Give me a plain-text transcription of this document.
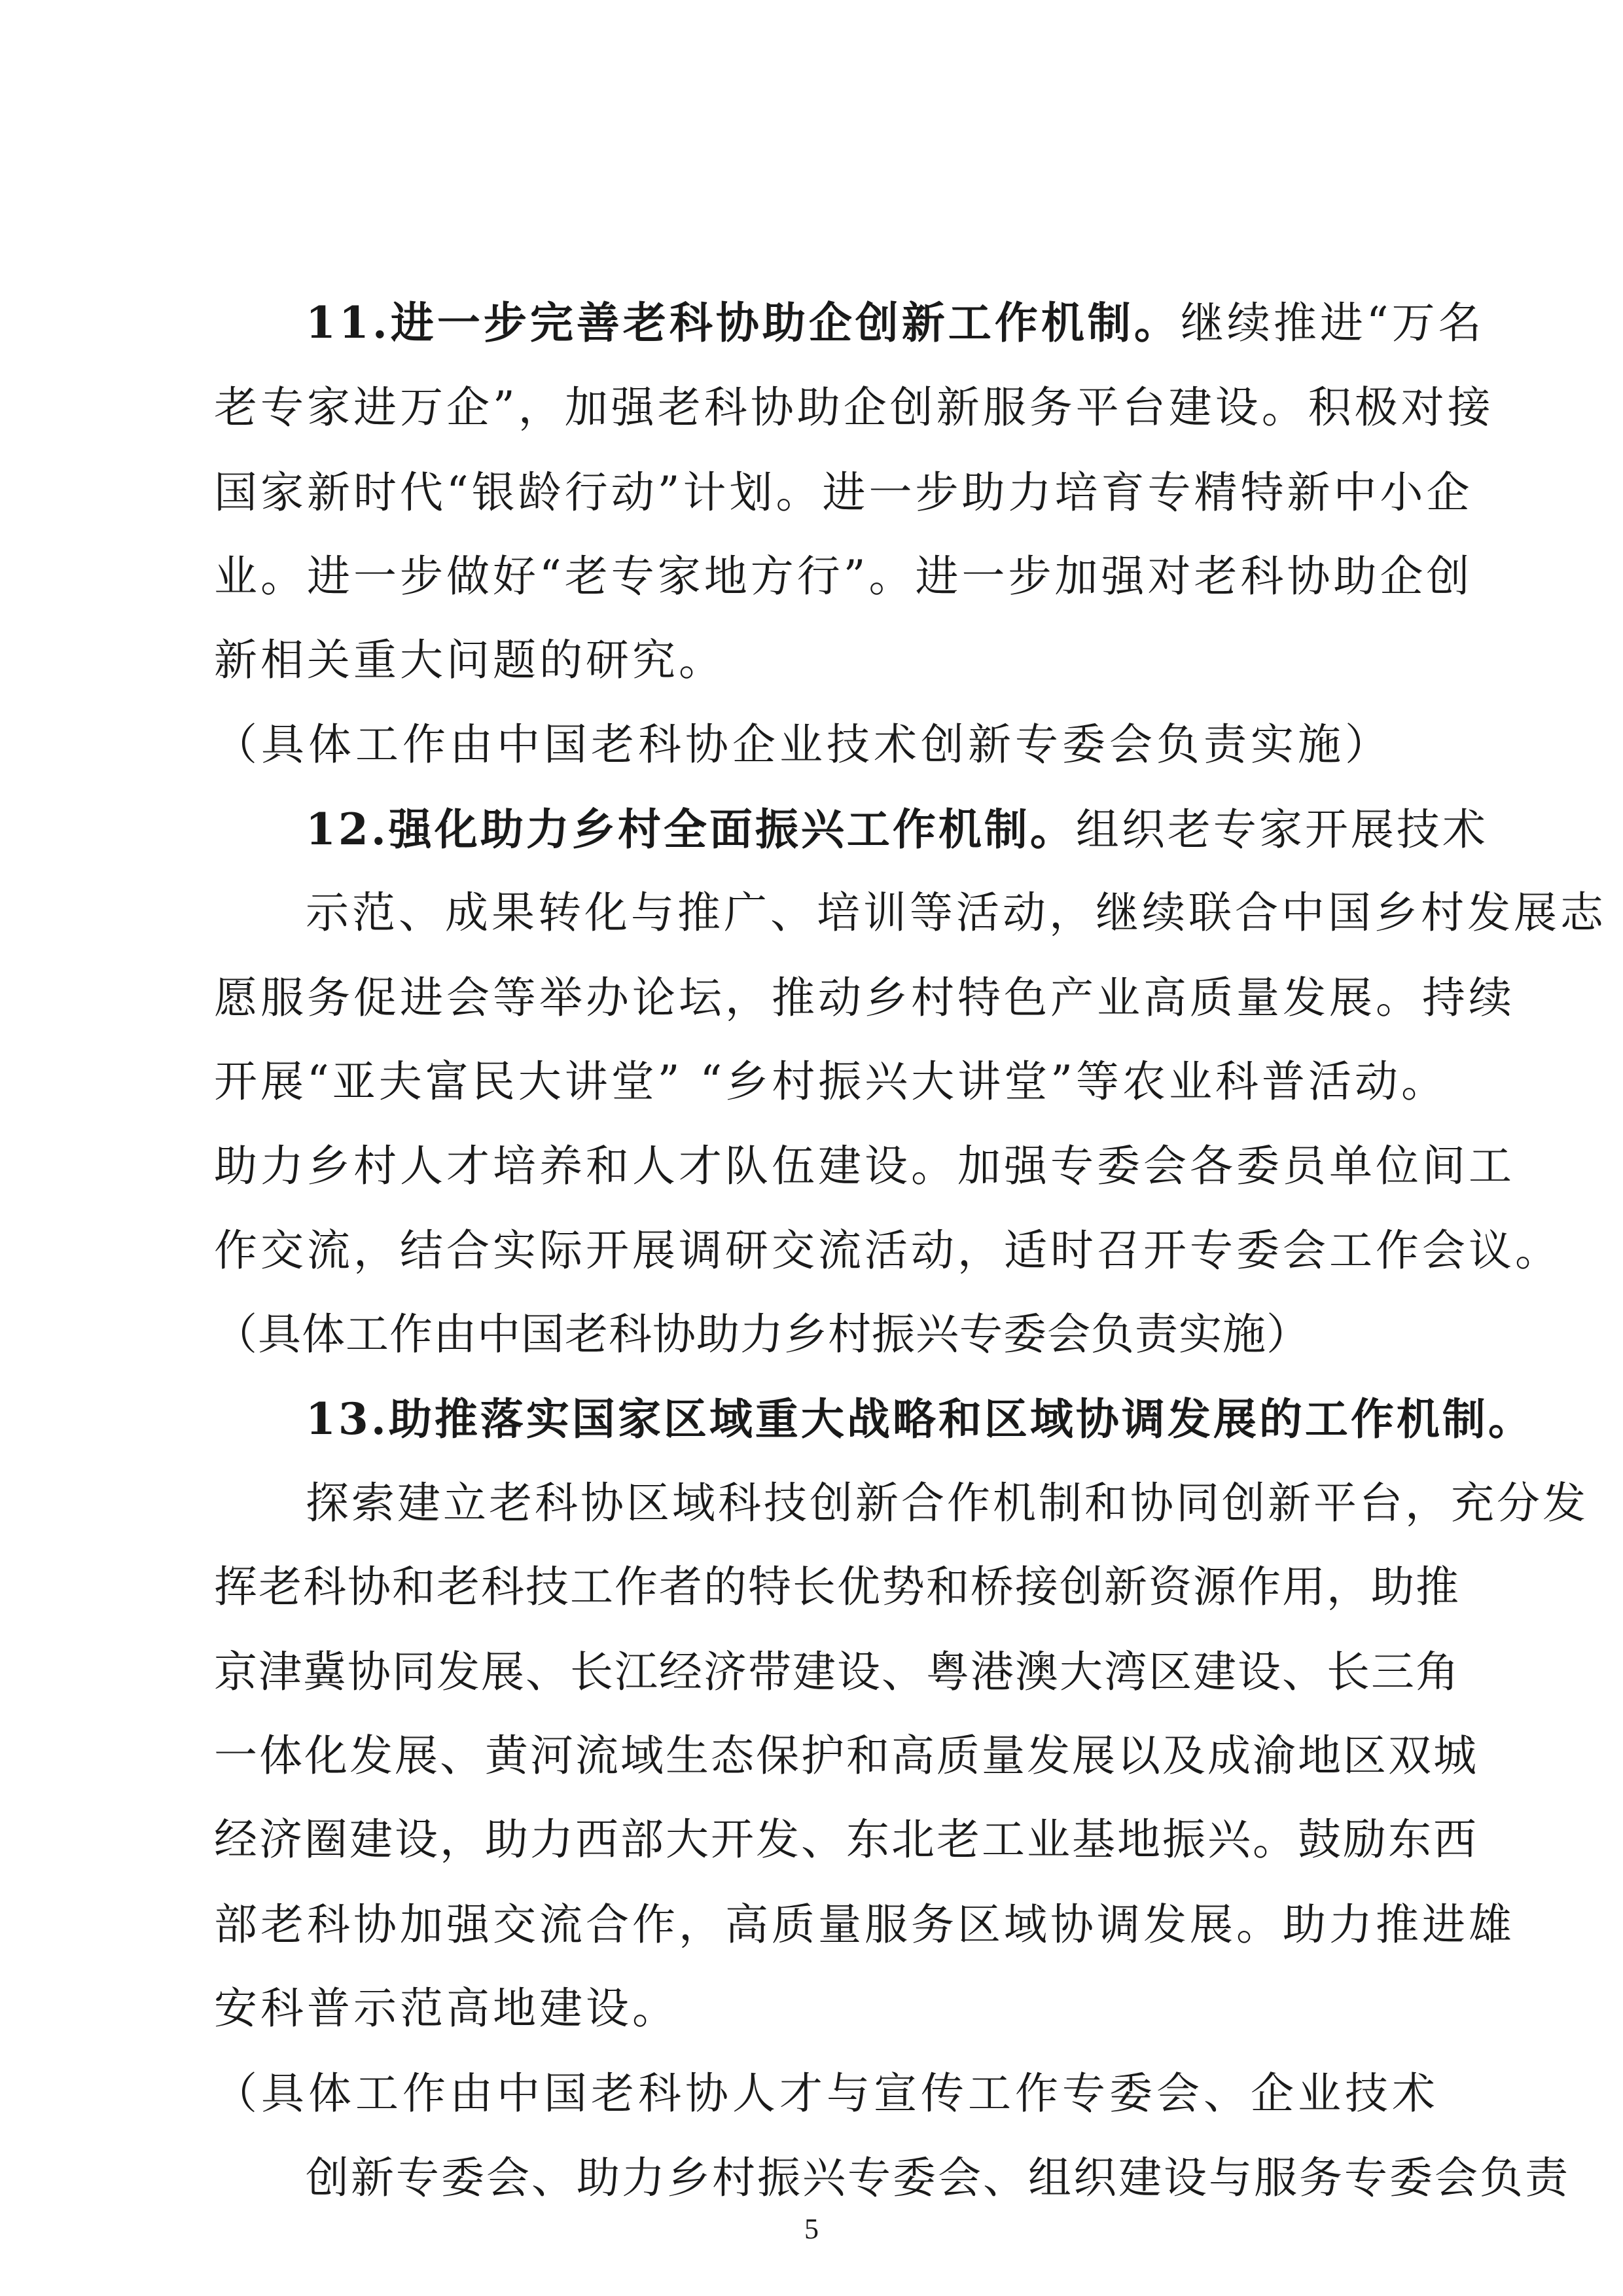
11.进一步完善老科协助企创新工作机制。继续推进“万名
老专家进万企”，加强老科协助企创新服务平台建设。积极对接
国家新时代“银龄行动”计划。进一步助力培育专精特新中小企
业。进一步做好“老专家地方行”。进一步加强对老科协助企创
新相关重大问题的研究。
（具体工作由中国老科协企业技术创新专委会负责实施）
12.强化助力乡村全面振兴工作机制。组织老专家开展技术
示范、成果转化与推广、培训等活动，继续联合中国乡村发展志
愿服务促进会等举办论坛，推动乡村特色产业高质量发展。持续
开展“亚夫富民大讲堂” “乡村振兴大讲堂”等农业科普活动。
助力乡村人才培养和人才队伍建设。加强专委会各委员单位间工
作交流，结合实际开展调研交流活动，适时召开专委会工作会议。
（具体工作由中国老科协助力乡村振兴专委会负责实施）
13.助推落实国家区域重大战略和区域协调发展的工作机制。
探索建立老科协区域科技创新合作机制和协同创新平台，充分发
挥老科协和老科技工作者的特长优势和桥接创新资源作用，助推
京津冀协同发展、长江经济带建设、粤港澳大湾区建设、长三角
一体化发展、黄河流域生态保护和高质量发展以及成渝地区双城
经济圈建设，助力西部大开发、东北老工业基地振兴。鼓励东西
部老科协加强交流合作，高质量服务区域协调发展。助力推进雄
安科普示范高地建设。
（具体工作由中国老科协人才与宣传工作专委会、企业技术
创新专委会、助力乡村振兴专委会、组织建设与服务专委会负责
5
